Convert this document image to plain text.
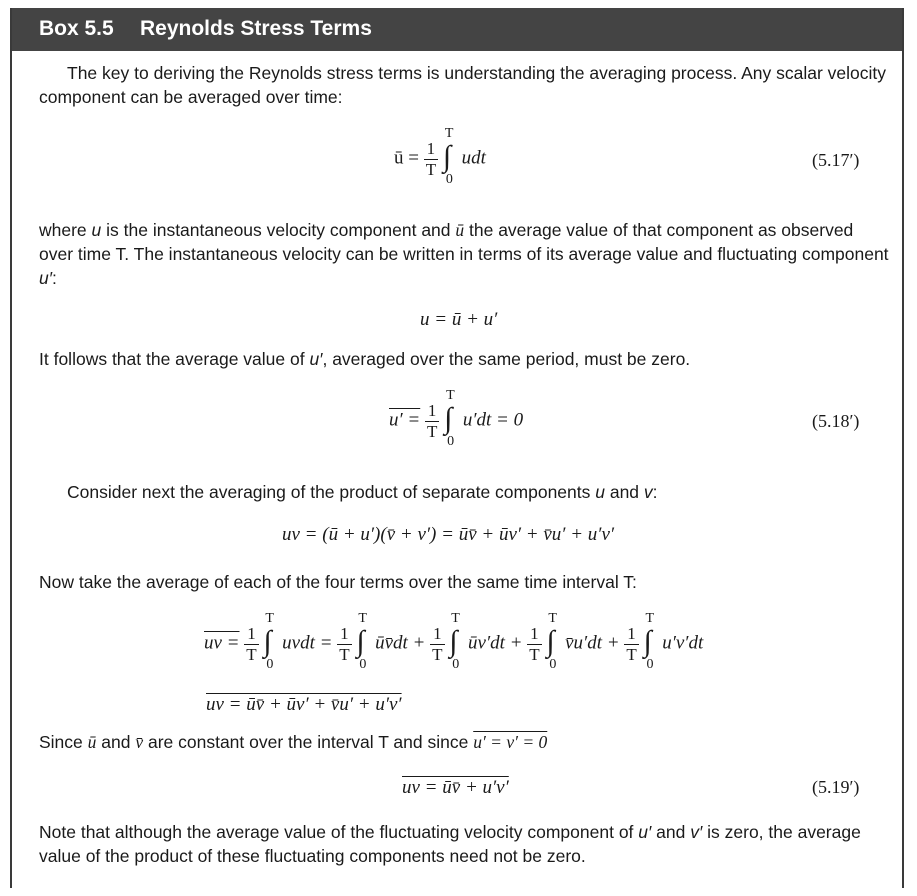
Box 5.5 Reynolds Stress Terms
The key to deriving the Reynolds stress terms is understanding the averaging process. Any scalar velocity component can be averaged over time:
ū = $\frac{1}{T}$

T
∫
0
udt	(5.17′)
where u is the instantaneous velocity component and ū the average value of that component as observed over time T. The instantaneous velocity can be written in terms of its average value and fluctuating component u′:
u = ū + u′
It follows that the average value of u′, averaged over the same period, must be zero.
$u' = \frac{1}{T}$

T
∫
0
u′dt = 0	(5.18′)
Consider next the averaging of the product of separate components u and v:
uv = (ū + u′)(v̄ + v′) = ūv̄ + ūv′ + v̄u′ + u′v′
Now take the average of each of the four terms over the same time interval T:
uv = $\frac{1}{T}$

T
∫
0
uvdt = $\frac{1}{T}$

T
∫
0
ūv̄dt + $\frac{1}{T}$

T
∫
0
ūv′dt + $\frac{1}{T}$

T
∫
0
v̄u′dt + $\frac{1}{T}$

T
∫
0
u′v′dt
uv = ūv̄ + ūv′ + v̄u′ + u′v′
Since ū and v̄ are constant over the interval T and since u′ = v′ = 0
uv = ūv̄ + u′v′	(5.19′)
Note that although the average value of the fluctuating velocity component of u′ and v′ is zero, the average value of the product of these fluctuating components need not be zero.
